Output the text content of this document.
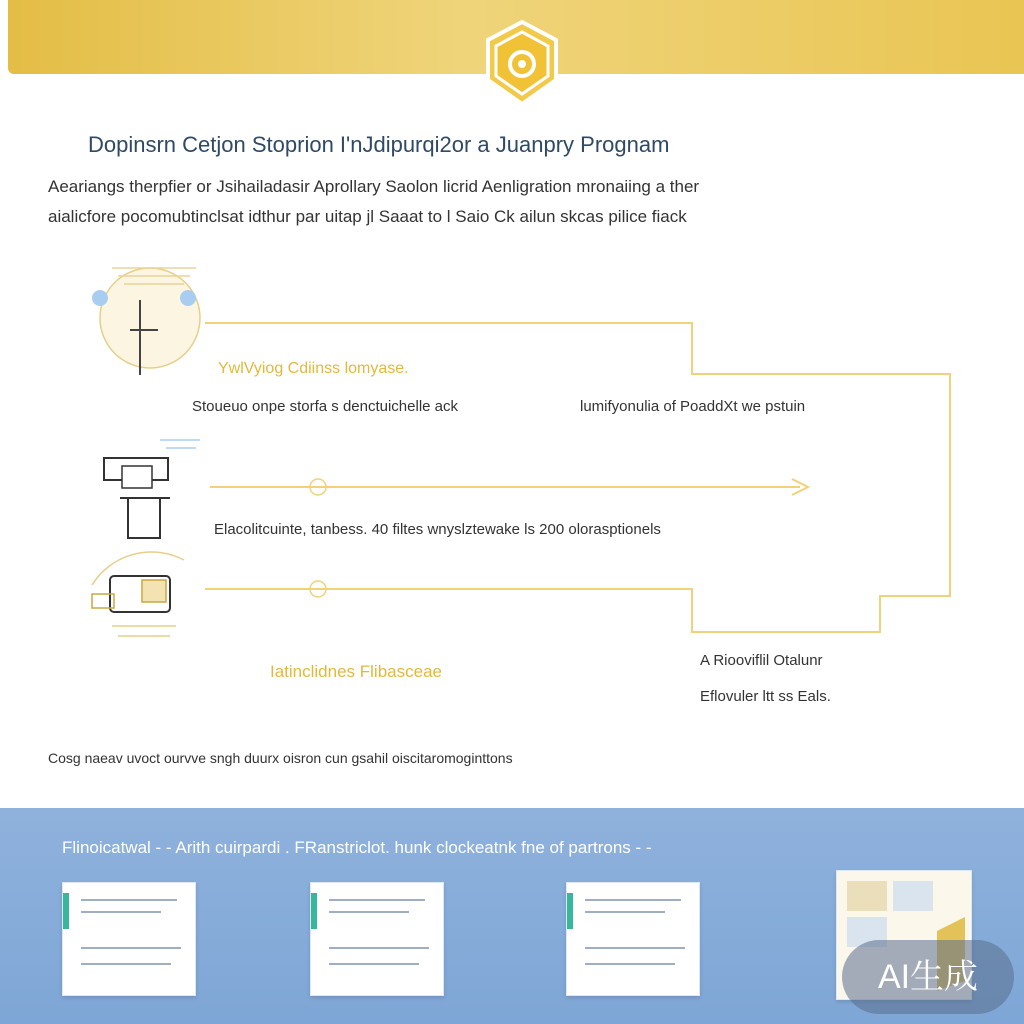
Dopinsrn Cetjon Stoprion I'nJdipurqi2or a Juanpry Prognam
Aeariangs therpfier or Jsihailadasir Aprollary Saolon licrid Aenligration mronaiing a ther
aialicfore pocomubtinclsat idthur par uitap jl Saaat to l Saio Ck ailun skcas pilice fiack
YwlVyiog Cdiinss lomyase.
Stoueuo onpe storfa s denctuichelle ack	lumifyonulia of PoaddXt we pstuin
Elacolitcuinte, tanbess. 40 filtes wnyslztewake ls 200 olorasptionels
Iatinclidnes Flibasceae
A Riooviflil Otalunr
Eflovuler ltt ss Eals.
Cosg naeav uvoct ourvve sngh duurx oisron cun gsahil oiscitaromoginttons
Flinoicatwal - - Arith cuirpardi . FRanstriclot. hunk clockeatnk fne of partrons - -
AI生成
